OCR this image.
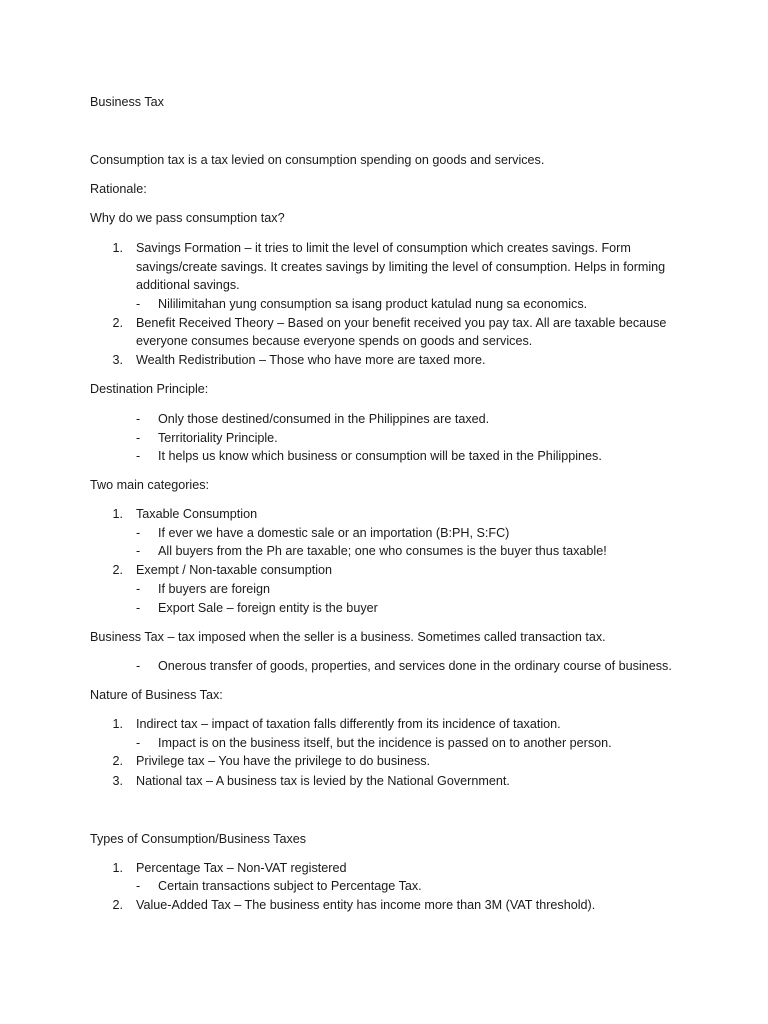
Business Tax
Consumption tax is a tax levied on consumption spending on goods and services.
Rationale:
Why do we pass consumption tax?
1. Savings Formation – it tries to limit the level of consumption which creates savings. Form
savings/create savings. It creates savings by limiting the level of consumption. Helps in forming
additional savings.
- Nililimitahan yung consumption sa isang product katulad nung sa economics.
2. Benefit Received Theory – Based on your benefit received you pay tax. All are taxable because
everyone consumes because everyone spends on goods and services.
3. Wealth Redistribution – Those who have more are taxed more.
Destination Principle:
- Only those destined/consumed in the Philippines are taxed.
- Territoriality Principle.
- It helps us know which business or consumption will be taxed in the Philippines.
Two main categories:
1. Taxable Consumption
- If ever we have a domestic sale or an importation (B:PH, S:FC)
- All buyers from the Ph are taxable; one who consumes is the buyer thus taxable!
2. Exempt / Non-taxable consumption
- If buyers are foreign
- Export Sale – foreign entity is the buyer
Business Tax – tax imposed when the seller is a business. Sometimes called transaction tax.
- Onerous transfer of goods, properties, and services done in the ordinary course of business.
Nature of Business Tax:
1. Indirect tax – impact of taxation falls differently from its incidence of taxation.
- Impact is on the business itself, but the incidence is passed on to another person.
2. Privilege tax – You have the privilege to do business.
3. National tax – A business tax is levied by the National Government.
Types of Consumption/Business Taxes
1. Percentage Tax – Non-VAT registered
- Certain transactions subject to Percentage Tax.
2. Value-Added Tax – The business entity has income more than 3M (VAT threshold).
